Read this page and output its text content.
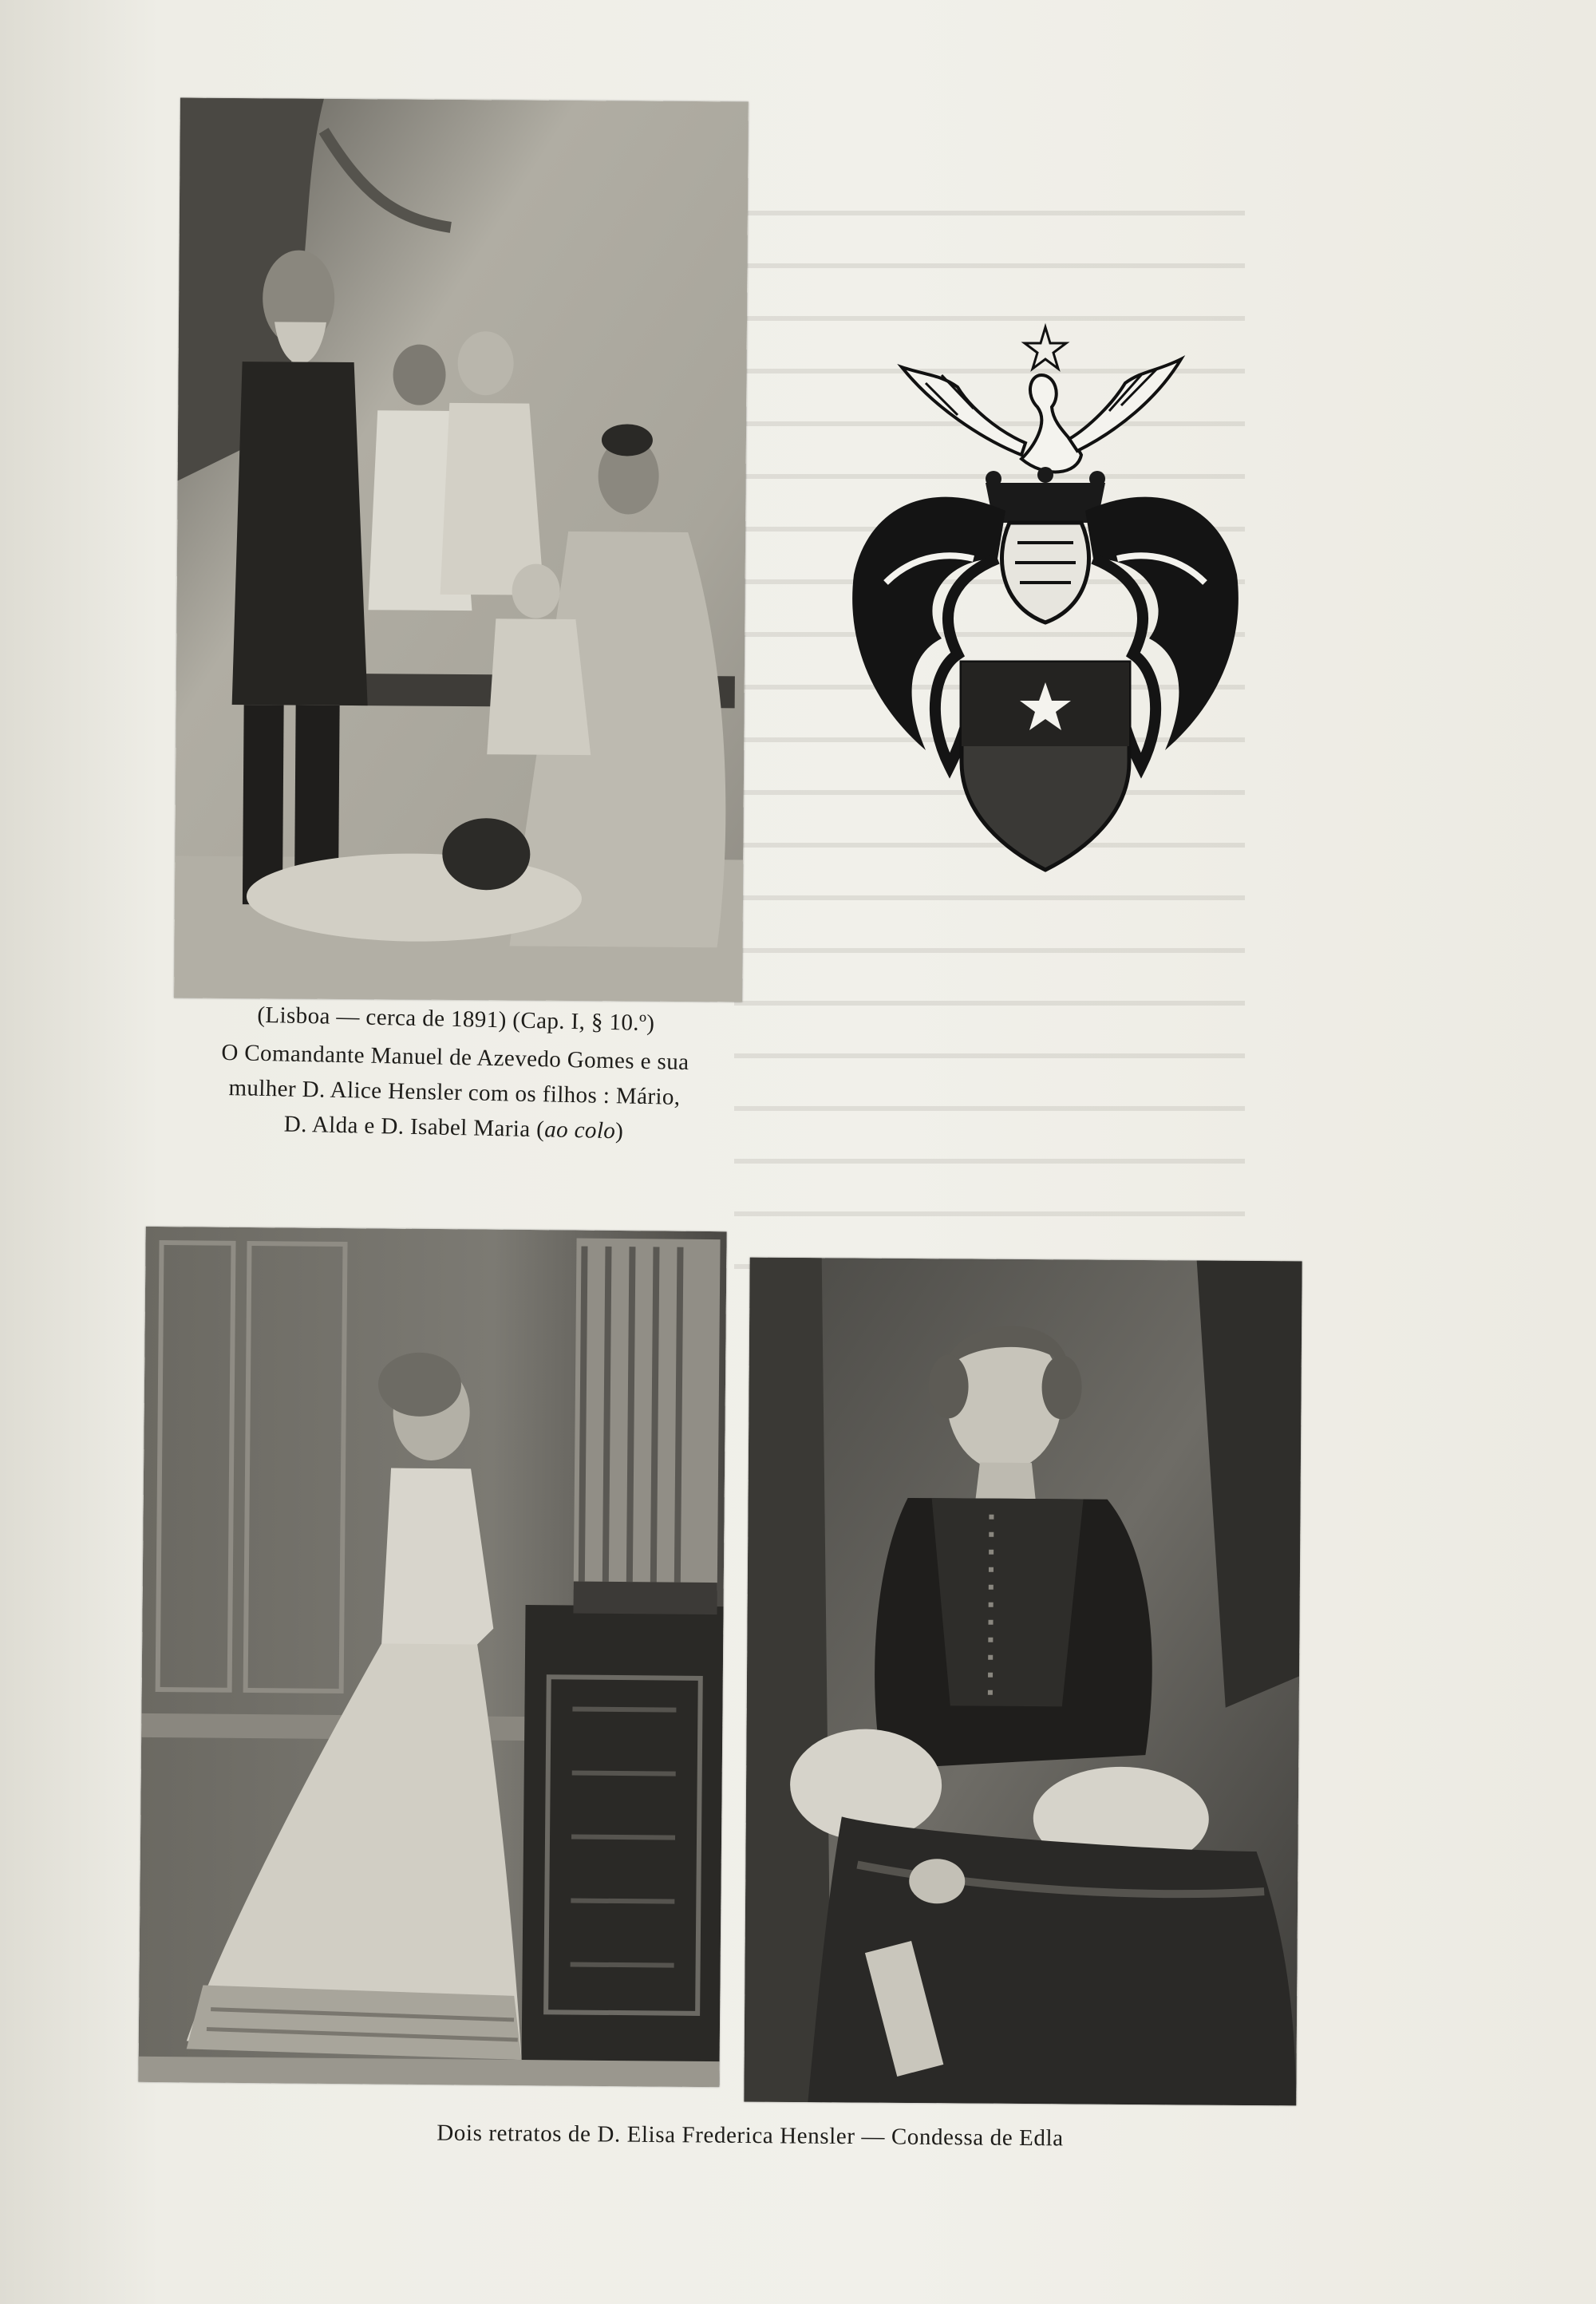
(Lisboa — cerca de 1891) (Cap. I, § 10.º)
O Comandante Manuel de Azevedo Gomes e sua
mulher D. Alice Hensler com os filhos : Mário,
D. Alda e D. Isabel Maria (ao colo)
Dois retratos de D. Elisa Frederica Hensler — Condessa de Edla
